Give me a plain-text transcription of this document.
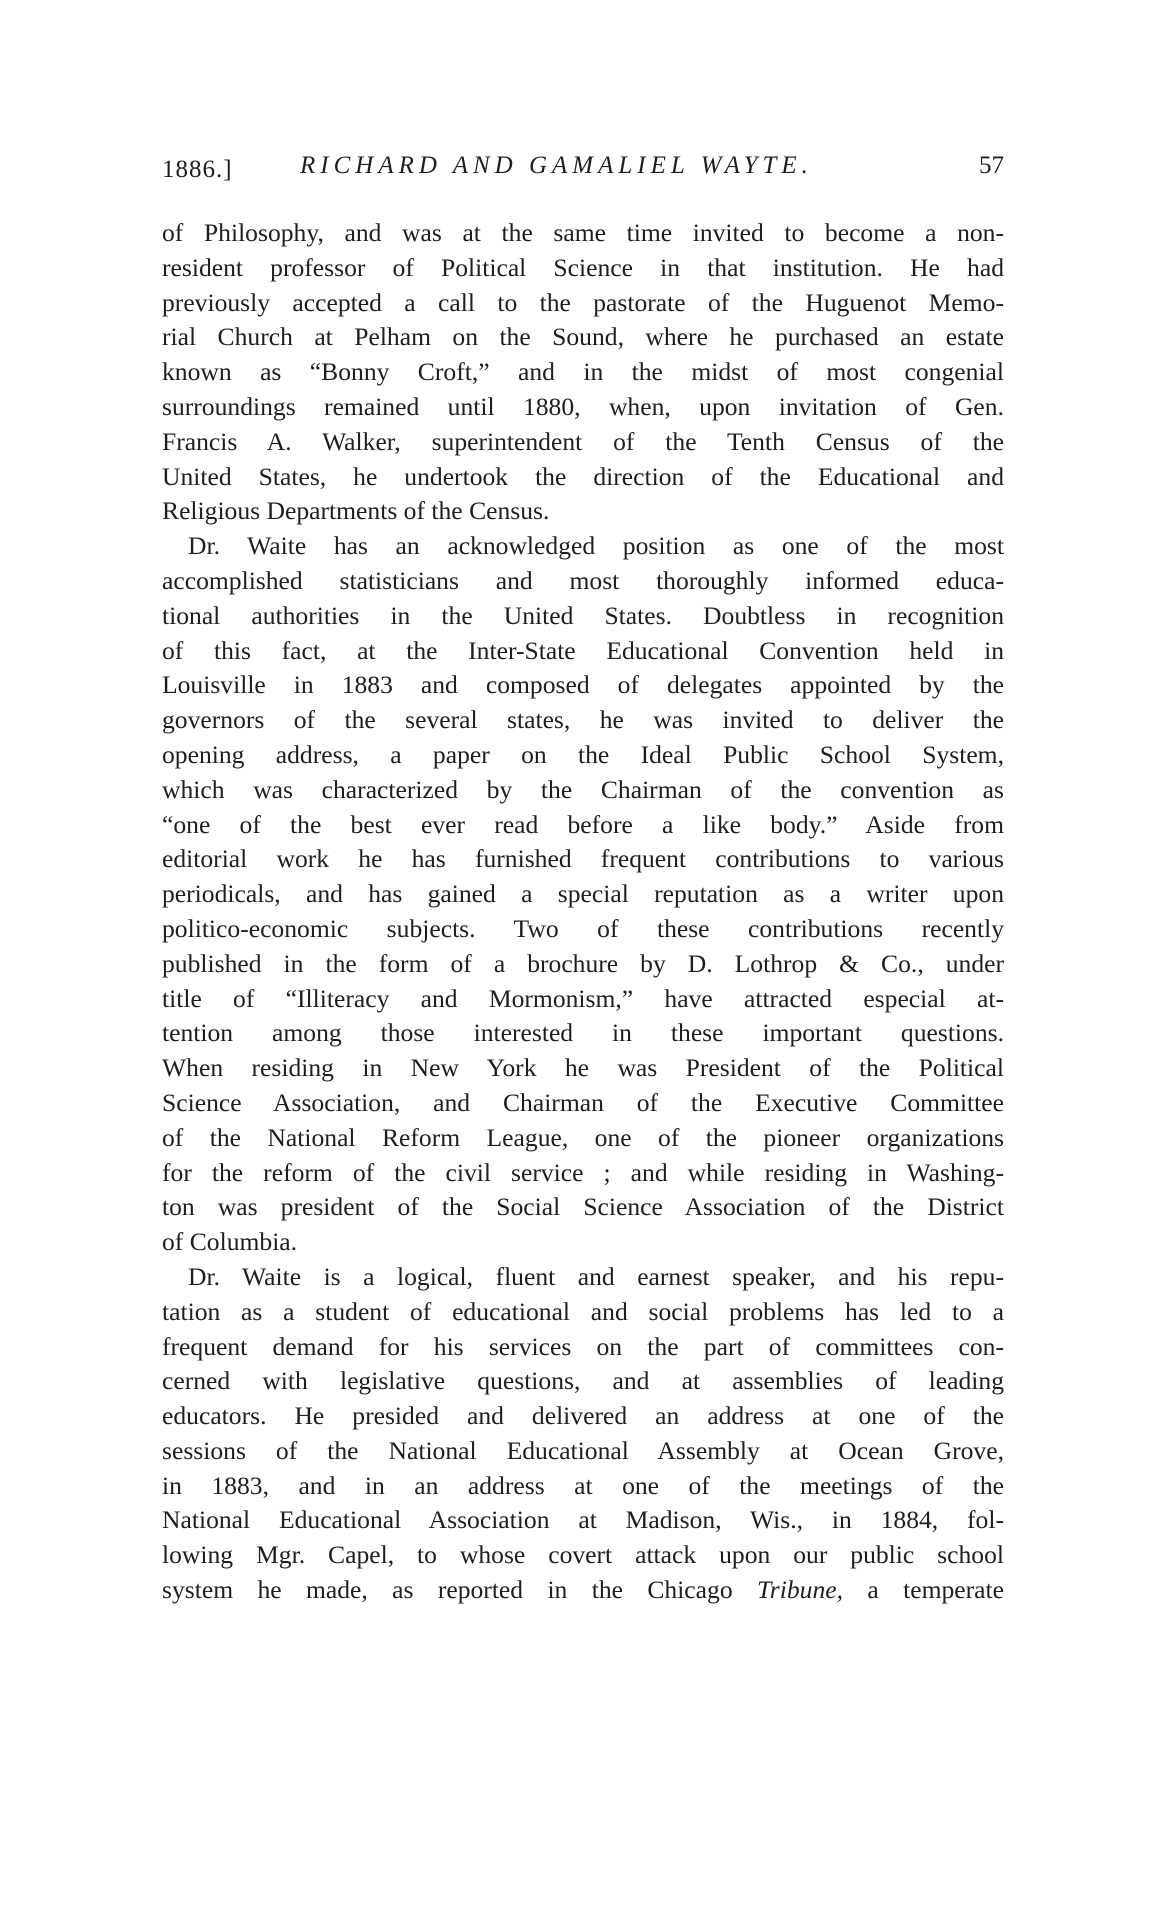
1886.]	RICHARD AND GAMALIEL WAYTE.	57
of Philosophy, and was at the same time invited to become a non-
resident professor of Political Science in that institution. He had
previously accepted a call to the pastorate of the Huguenot Memo-
rial Church at Pelham on the Sound, where he purchased an estate
known as “Bonny Croft,” and in the midst of most congenial
surroundings remained until 1880, when, upon invitation of Gen.
Francis A. Walker, superintendent of the Tenth Census of the
United States, he undertook the direction of the Educational and
Religious Departments of the Census.
Dr. Waite has an acknowledged position as one of the most
accomplished statisticians and most thoroughly informed educa-
tional authorities in the United States. Doubtless in recognition
of this fact, at the Inter-State Educational Convention held in
Louisville in 1883 and composed of delegates appointed by the
governors of the several states, he was invited to deliver the
opening address, a paper on the Ideal Public School System,
which was characterized by the Chairman of the convention as
“one of the best ever read before a like body.” Aside from
editorial work he has furnished frequent contributions to various
periodicals, and has gained a special reputation as a writer upon
politico-economic subjects. Two of these contributions recently
published in the form of a brochure by D. Lothrop & Co., under
title of “Illiteracy and Mormonism,” have attracted especial at-
tention among those interested in these important questions.
When residing in New York he was President of the Political
Science Association, and Chairman of the Executive Committee
of the National Reform League, one of the pioneer organizations
for the reform of the civil service ; and while residing in Washing-
ton was president of the Social Science Association of the District
of Columbia.
Dr. Waite is a logical, fluent and earnest speaker, and his repu-
tation as a student of educational and social problems has led to a
frequent demand for his services on the part of committees con-
cerned with legislative questions, and at assemblies of leading
educators. He presided and delivered an address at one of the
sessions of the National Educational Assembly at Ocean Grove,
in 1883, and in an address at one of the meetings of the
National Educational Association at Madison, Wis., in 1884, fol-
lowing Mgr. Capel, to whose covert attack upon our public school
system he made, as reported in the Chicago Tribune, a temperate
